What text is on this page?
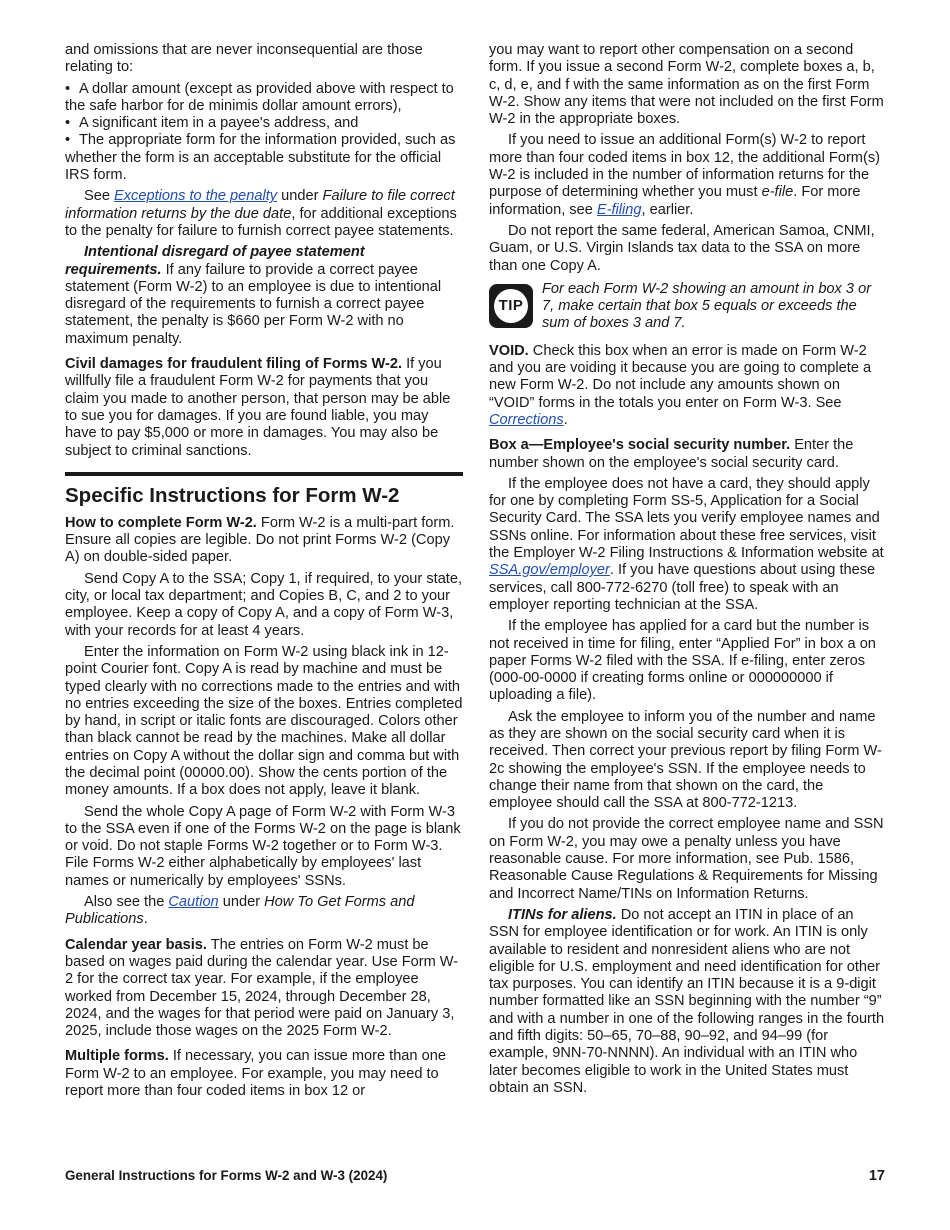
and omissions that are never inconsequential are those relating to:

• A dollar amount (except as provided above with respect to the safe harbor for de minimis dollar amount errors),
• A significant item in a payee's address, and
• The appropriate form for the information provided, such as whether the form is an acceptable substitute for the official IRS form.

See Exceptions to the penalty under Failure to file correct information returns by the due date, for additional exceptions to the penalty for failure to furnish correct payee statements.

Intentional disregard of payee statement requirements. If any failure to provide a correct payee statement (Form W-2) to an employee is due to intentional disregard of the requirements to furnish a correct payee statement, the penalty is $660 per Form W-2 with no maximum penalty.

Civil damages for fraudulent filing of Forms W-2. If you willfully file a fraudulent Form W-2 for payments that you claim you made to another person, that person may be able to sue you for damages. If you are found liable, you may have to pay $5,000 or more in damages. You may also be subject to criminal sanctions.

Specific Instructions for Form W-2

How to complete Form W-2. Form W-2 is a multi-part form. Ensure all copies are legible. Do not print Forms W-2 (Copy A) on double-sided paper.

Send Copy A to the SSA; Copy 1, if required, to your state, city, or local tax department; and Copies B, C, and 2 to your employee. Keep a copy of Copy A, and a copy of Form W-3, with your records for at least 4 years.

Enter the information on Form W-2 using black ink in 12-point Courier font. Copy A is read by machine and must be typed clearly with no corrections made to the entries and with no entries exceeding the size of the boxes. Entries completed by hand, in script or italic fonts are discouraged. Colors other than black cannot be read by the machines. Make all dollar entries on Copy A without the dollar sign and comma but with the decimal point (00000.00). Show the cents portion of the money amounts. If a box does not apply, leave it blank.

Send the whole Copy A page of Form W-2 with Form W-3 to the SSA even if one of the Forms W-2 on the page is blank or void. Do not staple Forms W-2 together or to Form W-3. File Forms W-2 either alphabetically by employees' last names or numerically by employees' SSNs.

Also see the Caution under How To Get Forms and Publications.

Calendar year basis. The entries on Form W-2 must be based on wages paid during the calendar year. Use Form W-2 for the correct tax year. For example, if the employee worked from December 15, 2024, through December 28, 2024, and the wages for that period were paid on January 3, 2025, include those wages on the 2025 Form W-2.

Multiple forms. If necessary, you can issue more than one Form W-2 to an employee. For example, you may need to report more than four coded items in box 12 or

you may want to report other compensation on a second form. If you issue a second Form W-2, complete boxes a, b, c, d, e, and f with the same information as on the first Form W-2. Show any items that were not included on the first Form W-2 in the appropriate boxes.

If you need to issue an additional Form(s) W-2 to report more than four coded items in box 12, the additional Form(s) W-2 is included in the number of information returns for the purpose of determining whether you must e-file. For more information, see E-filing, earlier.

Do not report the same federal, American Samoa, CNMI, Guam, or U.S. Virgin Islands tax data to the SSA on more than one Copy A.

TIP
For each Form W-2 showing an amount in box 3 or 7, make certain that box 5 equals or exceeds the sum of boxes 3 and 7.

VOID. Check this box when an error is made on Form W-2 and you are voiding it because you are going to complete a new Form W-2. Do not include any amounts shown on “VOID” forms in the totals you enter on Form W-3. See Corrections.

Box a—Employee's social security number. Enter the number shown on the employee's social security card.

If the employee does not have a card, they should apply for one by completing Form SS-5, Application for a Social Security Card. The SSA lets you verify employee names and SSNs online. For information about these free services, visit the Employer W-2 Filing Instructions & Information website at SSA.gov/employer. If you have questions about using these services, call 800-772-6270 (toll free) to speak with an employer reporting technician at the SSA.

If the employee has applied for a card but the number is not received in time for filing, enter “Applied For” in box a on paper Forms W-2 filed with the SSA. If e-filing, enter zeros (000-00-0000 if creating forms online or 000000000 if uploading a file).

Ask the employee to inform you of the number and name as they are shown on the social security card when it is received. Then correct your previous report by filing Form W-2c showing the employee's SSN. If the employee needs to change their name from that shown on the card, the employee should call the SSA at 800-772-1213.

If you do not provide the correct employee name and SSN on Form W-2, you may owe a penalty unless you have reasonable cause. For more information, see Pub. 1586, Reasonable Cause Regulations & Requirements for Missing and Incorrect Name/TINs on Information Returns.

ITINs for aliens. Do not accept an ITIN in place of an SSN for employee identification or for work. An ITIN is only available to resident and nonresident aliens who are not eligible for U.S. employment and need identification for other tax purposes. You can identify an ITIN because it is a 9-digit number formatted like an SSN beginning with the number “9” and with a number in one of the following ranges in the fourth and fifth digits: 50–65, 70–88, 90–92, and 94–99 (for example, 9NN-70-NNNN). An individual with an ITIN who later becomes eligible to work in the United States must obtain an SSN.

General Instructions for Forms W-2 and W-3 (2024)	17
